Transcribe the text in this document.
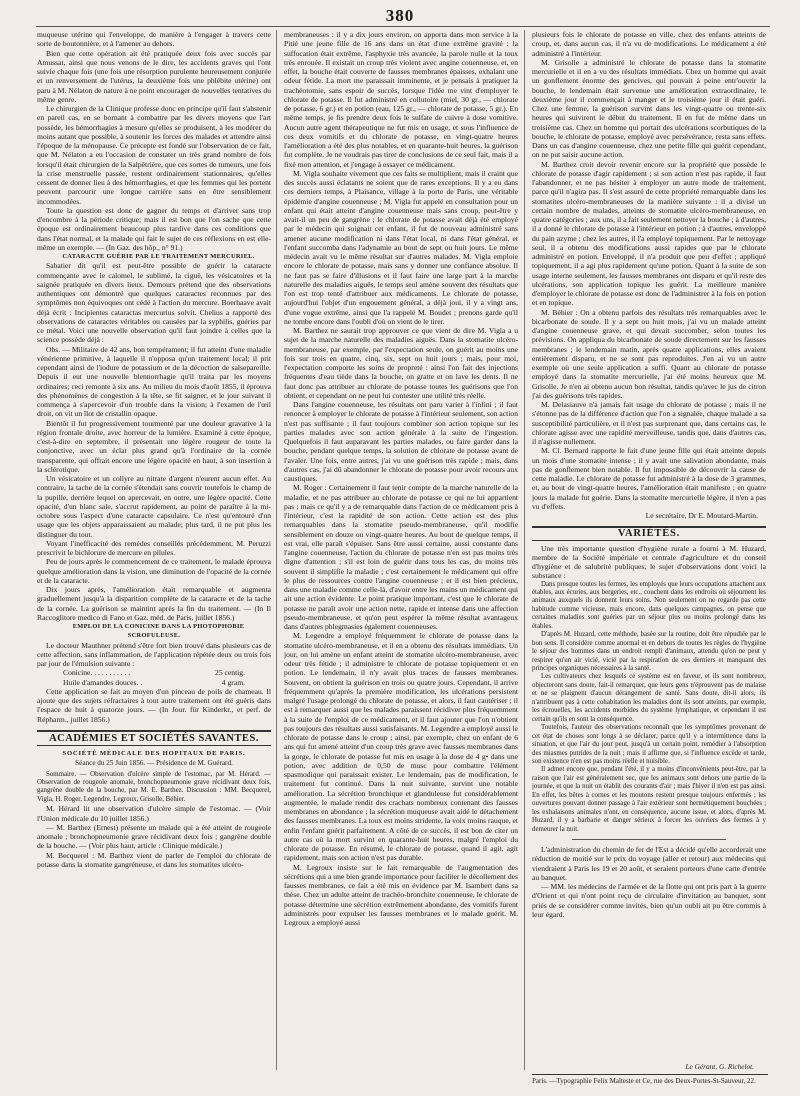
380

muqueuse utérine qui l'enveloppe, de manière à l'engager à travers cette sorte de boutonnière, et à l'amener au dehors.

Bien que cette opération ait été pratiquée deux fois avec succès par Amussat, ainsi que nous venons de le dire, les accidents graves qui l'ont suivie chaque fois (une fois une résorption purulente heureusement conjurée et un renversement de l'utérus, la deuxième fois une phlébite utérine) ont paru à M. Nélaton de nature à ne point encourager de nouvelles tentatives du même genre.

Le chirurgien de la Clinique professe donc en principe qu'il faut s'abstenir en pareil cas, en se bornant à combattre par les divers moyens que l'art possède, les hémorrhagies à mesure qu'elles se produisent, à les modérer du moins autant que possible, à soutenir les forces des malades et attendre ainsi l'époque de la ménopause. Ce précepte est fondé sur l'observation de ce fait, que M. Nélaton a eu l'occasion de constater un très grand nombre de fois lorsqu'il était chirurgien de la Salpêtrière, que ces sortes de tumeurs, une fois la crise menstruelle passée, restent ordinairement stationnaires, qu'elles cessent de donner lieu à des hémorrhagies, et que les femmes qui les portent peuvent parcourir une longue carrière sans en être sensiblement incommodées.

Toute la question est donc de gagner du temps et d'arriver sans trop d'encombre à la période critique; mais il est bon que l'on sache que cette époque est ordinairement beaucoup plus tardive dans ces conditions que dans l'état normal, et la malade qui fait le sujet de ces réflexions en est elle-même un exemple. — (In Gaz. des hôp., n° 91.)

CATARACTE GUÉRIE PAR LE TRAITEMENT MERCURIEL.

Sabatier dit qu'il est peut-être possible de guérir la cataracte commençante avec le calomel, le sublimé, la ciguë, les vésicatoires et la saignée pratiquée en divers lieux. Demours prétend que des observations authentiques ont démontré que quelques cataractes reconnues par des symptômes non équivoques ont cédé à l'action du mercure. Boerhaave avait déjà écrit : Incipientes cataractas mercurius solvit. Chelius a rapporté des observations de cataractes véritables ou causées par la syphilis, guéries par ce métal. Voici une nouvelle observation qu'il faut joindre à celles que la science possède déjà :

Obs. — Militaire de 42 ans, bon tempérament; il fut atteint d'une maladie vénérienne primitive, à laquelle il n'opposa qu'un traitement local; il prit cependant ainsi de l'iodure de potassium et de la décoction de salsepareille. Depuis il eut une nouvelle blennorrhagie qu'il traita par les moyens ordinaires; ceci remonte à six ans. Au milieu du mois d'août 1855, il éprouva des phénomènes de congestion à la tête, se fit saigner, et le jour suivant il commença à s'apercevoir d'un trouble dans la vision; à l'examen de l'œil droit, on vit un îlot de cristallin opaque.

Bientôt il fut progressivement tourmenté par une douleur gravative à la région frontale droite, avec horreur de la lumière. Examiné à cette époque, c'est-à-dire en septembre, il présentait une légère rougeur de toute la conjonctive, avec un éclat plus grand qu'à l'ordinaire de la cornée transparente, qui offrait encore une légère opacité en haut, à son insertion à la sclérotique.

Un vésicatoire et un collyre au nitrate d'argent n'eurent aucun effet. Au contraire, la tache de la cornée s'étendait sans couvrir toutefois le champ de la pupille, derrière lequel on apercevait, en outre, une légère opacité. Cette opacité, d'un blanc sale, s'accrut rapidement, au point de paraître à la mi-octobre sous l'aspect d'une cataracte capsulaire. Ce n'est qu'entouré d'un usage que les objets apparaissaient au malade; plus tard, il ne put plus les distinguer du tout.

Voyant l'inefficacité des remèdes conseillés précédemment, M. Peruzzi prescrivit le bichlorure de mercure en pilules.

Peu de jours après le commencement de ce traitement, le malade éprouva quelque amélioration dans la vision, une diminution de l'opacité de la cornée et de la cataracte.

Dix jours après, l'amélioration était remarquable et augmenta graduellement jusqu'à la disparition complète de la cataracte et de la tache de la cornée. La guérison se maintint après la fin du traitement. — (In Il Raccoglitore medico di Fano et Gaz. méd. de Paris, juillet 1856.)

EMPLOI DE LA CONICINE DANS LA PHOTOPHOBIE SCROFULEUSE.

Le docteur Mauthner prétend s'être fort bien trouvé dans plusieurs cas de cette affection, sans inflammation, de l'application répétée deux ou trois fois par jour de l'émulsion suivante :

Conicine. . . . . . . . . . .	25 centig.
Huile d'amandes douces. .	4 gram.

Cette application se fait au moyen d'un pinceau de poils de chameau. Il ajoute que des sujets réfractaires à tout autre traitement ont été guéris dans l'espace de huit à quatorze jours. — (In Jour. für Kinderkr., et perf. de Répharm., juillet 1856.)

ACADÉMIES ET SOCIÉTÉS SAVANTES.
SOCIÉTÉ MÉDICALE DES HOPITAUX DE PARIS.
Séance du 25 Juin 1856. — Présidence de M. Guérard.

Sommaire. — Observation d'ulcère simple de l'estomac, par M. Hérard. — Observation de rougeole anomale, bronchopneumonie grave récidivant deux fois, gangrène double de la bouche, par M. E. Barthez. Discussion : MM. Becquerel, Vigla, H. Roger, Legendre, Legroux, Grisolle, Béhier.

M. Hérard lit une observation d'ulcère simple de l'estomac. — (Voir l'Union médicale du 10 juillet 1856.)

— M. Barthez (Ernest) présente un malade qui a été atteint de rougeole anomale ; bronchopneumonie grave récidivant deux fois ; gangrène double de la bouche. — (Voir plus haut, article : Clinique médicale.)

M. Becquerel : M. Barthez vient de parler de l'emploi du chlorate de potasse dans la stomatite gangréneuse, et dans les stomatites ulcéro-

membraneuses : il y a dix jours environ, on apporta dans mon service à la Pitié une jeune fille de 16 ans dans un état d'une extrême gravité : la suffocation était extrême, l'asphyxie très avancée, la parole nulle et la toux très enrouée. Il existait un croup très violent avec angine couenneuse, et, en effet, la bouche était couverte de fausses membranes épaisses, exhalant une odeur fétide. La mort me paraissait imminente, et je pensais à pratiquer la trachéotomie, sans espoir de succès, lorsque l'idée me vint d'employer le chlorate de potasse. Il fut administré en collutoire (miel, 30 gr., — chlorate de potasse, 6 gr.) et en potion (eau, 125 gr., — chlorate de potasse, 5 gr.). En même temps, je fis prendre deux fois le sulfate de cuivre à dose vomitive. Aucun autre agent thérapeutique ne fut mis en usage, et sous l'influence de ces deux vomitifs et du chlorate de potasse, en vingt-quatre heures l'amélioration a été des plus notables, et en quarante-huit heures, la guérison fut complète. Je ne voudrais pas tirer de conclusions de ce seul fait, mais il a fixé mon attention, et j'engage à essayer ce médicament.

M. Vigla souhaite vivement que ces faits se multiplient, mais il craint que des succès aussi éclatants ne soient que de rares exceptions. Il y a eu dans ces derniers temps, à Plaisance, village à la porte de Paris, une véritable épidémie d'angine couenneuse ; M. Vigla fut appelé en consultation pour un enfant qui était atteint d'angine couenneuse mais sans croup, peut-être y avait-il un peu de gangrène ; le chlorate de potasse avait déjà été employé par le médecin qui soignait cet enfant, il fut de nouveau administré sans amener aucune modification ni dans l'état local, ni dans l'état général, et l'enfant succomba dans l'adynamie au bout de sept ou huit jours. Le même médecin avait vu le même résultat sur d'autres malades. M. Vigla emploie encore le chlorate de potasse, mais sans y donner une confiance absolue. Il ne faut pas se faire d'illusions et il faut faire une large part à la marche naturelle des maladies aiguës, le temps seul amène souvent des résultats que l'on est trop tenté d'attribuer aux médicaments. Le chlorate de potasse, aujourd'hui l'objet d'un engouement général, a déjà joui, il y a vingt ans, d'une vogue extrême, ainsi que l'a rappelé M. Boudet ; prenons garde qu'il ne tombe encore dans l'oubli d'où on vient de le tirer.

M. Barthez ne saurait trop approuver ce que vient de dire M. Vigla a u sujet de la marche naturelle des maladies aiguës. Dans la stomatite ulcéro-membraneuse, par exemple, par l'expectation seule, on guérit au moins une fois sur trois en quatre, cinq, six, sept ou huit jours ; mais, pour moi, l'expectation comporte les soins de propreté : ainsi l'on fait des injections fréquentes d'eau tiède dans la bouche, on gratte et on lave les dents. Il ne faut donc pas attribuer au chlorate de potasse toutes les guérisons que l'on obtient, et cependant on ne peut lui contester une utilité très réelle.

Dans l'angine couenneuse, les résultats ont paru varier à l'infini ; il faut renoncer à employer le chlorate de potasse à l'intérieur seulement, son action n'est pas suffisante ; il faut toujours combiner son action topique sur les parties malades avec son action générale à la suite de l'ingestion. Quelquefois il faut auparavant les parties malades, ou faire garder dans la bouche, pendant quelque temps, la solution de chlorate de potasse avant de l'avaler. Une fois, entre autres, j'ai vu une guérison très rapide ; mais, dans d'autres cas, j'ai dû abandonner le chlorate de potasse pour avoir recours aux caustiques.

M. Roger : Certainement il faut tenir compte de la marche naturelle de la maladie, et ne pas attribuer au chlorate de potasse ce qui ne lui appartient pas ; mais ce qu'il y a de remarquable dans l'action de ce médicament pris à l'intérieur, c'est la rapidité de son action. Cette action est des plus remarquables dans la stomatite pseudo-membraneuse, qu'il modifie sensiblement en douze ou vingt-quatre heures. Au bout de quelque temps, il est vrai, elle paraît s'épuiser. Sans être aussi certaine, aussi constante dans l'angine couenneuse, l'action du chlorate de potasse n'en est pas moins très digne d'attention ; s'il est loin de guérir dans tous les cas, du moins très souvent il simplifie la maladie ; c'est certainement le médicament qui offre le plus de ressources contre l'angine couenneuse ; et il est bien précieux, dans une maladie comme celle-là, d'avoir entre les mains un médicament qui ait une action évidente. Le point pratique important, c'est que le chlorate de potasse ne paraît avoir une action nette, rapide et intense dans une affection pseudo-membraneuse, et qu'on peut espérer la même résultat avantageux dans d'autres phlegmasies également couenneuses.

M. Legendre a employé fréquemment le chlorate de potasse dans la stomatite ulcéro-membraneuse, et il en a obtenu des résultats immédiats. Un jour, on lui amène un enfant atteint de stomatite ulcéro-membraneuse, avec odeur très fétide ; il administre le chlorate de potasse topiquement et en potion. Le lendemain, il n'y avait plus traces de fausses membranes. Souvent, on obtient la guérison en trois ou quatre jours. Cependant, il arrive fréquemment qu'après la première modification, les ulcérations persistent malgré l'usage prolongé du chlorate de potasse, et alors, il faut cautériser ; il est à remarquer aussi que les malades paraissent récidiver plus fréquemment à la suite de l'emploi de ce médicament, et il faut ajouter que l'on n'obtient pas toujours des résultats aussi satisfaisants. M. Legendre a employé aussi le chlorate de potasse dans le croup ; ainsi, par exemple, chez un enfant de 6 ans qui fut amené atteint d'un croup très grave avec fausses membranes dans la gorge, le chlorate de potasse fut mis en usage à la dose de 4 g• dans une potion, avec addition de 0,50 de musc pour combattre l'élément spasmodique qui paraissait exister. Le lendemain, pas de modification, le traitement fut continué. Dans la nuit suivante, survint une notable amélioration. La sécrétion bronchique et glanduleuse fut considérablement augmentée, le malade rendit des crachats nombreux contenant des fausses membranes en abondance ; la sécrétion muqueuse avait aidé le détachement des fausses membranes. La toux est moins stridente, la voix moins rauque, et enfin l'enfant guérit parfaitement. A côté de ce succès, il est bon de citer un autre cas où la mort survint en quarante-huit heures, malgré l'emploi du chlorate de potasse. En résumé, le chlorate de potasse, quand il agit, agit rapidement, mais son action n'est pas durable.

M. Legroux insiste sur le fait remarquable de l'augmentation des sécrétions qui a une bien grande importance pour faciliter le décollement des fausses membranes, ce fait a été mis en évidence par M. Isambert dans sa thèse. Chez un adulte atteint de trachéo-bronchite couenneuse, le chlorate de potasse détermine une sécrétion extrêmement abondante, des vomitifs furent administrés pour expulser les fausses membranes et le malade guérit. M. Legroux a employé aussi

plusieurs fois le chlorate de potasse en ville, chez des enfants atteints de croup, et, dans aucun cas, il n'a vu de modifications. Le médicament a été administré à l'intérieur.

M. Grisolle a administré le chlorate de potasse dans la stomatite mercurielle et il en a vu des résultats immédiats. Chez un homme qui avait un gonflement énorme des gencives, qui pouvait à peine entr'ouvrir la bouche, le lendemain était survenue une amélioration extraordinaire, le deuxième jour il commençait à manger et le troisième jour il était guéri. Chez une femme, la guérison survint dans les vingt-quatre ou trente-six heures qui suivirent le début du traitement. Il en fut de même dans un troisième cas. Chez un homme qui portait des ulcérations scorbutiques de la bouche, le chlorate de potasse, employé avec persévérance, resta sans effets. Dans un cas d'angine couenneuse, chez une petite fille qui guérit cependant, on ne put saisir aucune action.

M. Barthez croit devoir revenir encore sur la propriété que possède le chlorate de potasse d'agir rapidement ; si son action n'est pas rapide, il faut l'abandonner, et ne pas hésiter à employer un autre mode de traitement, parce qu'il n'agira pas. Il s'est assuré de cette propriété remarquable dans les stomatites ulcéro-membraneuses de la manière suivante : il a divisé un certain nombre de malades, atteints de stomatite ulcéro-membraneuse, en quatre catégories ; aux uns, il a fait seulement nettoyer la bouche ; à d'autres, il a donné le chlorate de potasse à l'intérieur en potion ; à d'autres, enveloppé du pain azyme ; chez les autres, il l'a employé topiquement. Par le nettoyage seul, il a obtenu des modifications aussi rapides que par le chlorate administré en potion. Enveloppé, il n'a produit que peu d'effet ; appliqué topiquement, il a agi plus rapidement qu'une potion. Quant à la suite de son usage interne seulement, les fausses membranes ont disparu et qu'il reste des ulcérations, son application topique les guérit. La meilleure manière d'employer le chlorate de potasse est donc de l'administrer à la fois en potion et en topique.

M. Béhier : On a obtenu parfois des résultats très remarquables avec le bicarbonate de soude. Il y a sept ou huit mois, j'ai vu un malade atteint d'angine couenneuse grave, et qui devait succomber, selon toutes les prévisions. On appliqua du bicarbonate de soude directement sur les fausses membranes ; le lendemain matin, après quatre applications, elles avaient entièrement disparu, et ne se sont pas reproduites. J'en ai vu un autre exemple où une seule application a suffi. Quant au chlorate de potasse employé dans la stomatite mercurielle, j'ai été moins heureux que M. Grisolle. Je n'en ai obtenu aucun bon résultat, tandis qu'avec le jus de citron j'ai des guérisons très rapides.

M. Delasiauve n'a jamais fait usage du chlorate de potasse ; mais il ne s'étonne pas de la différence d'action que l'on a signalée, chaque malade a sa susceptibilité particulière, et il n'est pas surprenant que, dans certains cas, le chlorate agisse avec une rapidité merveilleuse, tandis que, dans d'autres cas, il n'agisse nullement.

M. Cl. Bernard rapporte le fait d'une jeune fille qui était atteinte depuis un mois d'une stomatite intense ; il y avait une salivation abondante, mais pas de gonflement bien notable. Il fut impossible de découvrir la cause de cette maladie. Le chlorate de potasse fut administré à la dose de 3 grammes, et, au bout de vingt-quatre heures, l'amélioration était manifeste ; en quatre jours la malade fut guérie. Dans la stomatite mercurielle légère, il n'en a pas vu d'effets.

Le secrétaire, Dr E. Moutard-Martin.

VARIÉTÉS.

Une très importante question d'hygiène rurale a fourni à M. Huzard, membre de la Société impériale et centrale d'agriculture et du conseil d'hygiène et de salubrité publiques, le sujet d'observations dont voici la substance :

Dans presque toutes les fermes, les employés que leurs occupations attachent aux étables, aux écuries, aux bergeries, etc., couchent dans les endroits où séjournent les animaux auxquels ils donnent leurs soins. Non seulement on ne regarde pas cette habitude comme vicieuse, mais encore, dans quelques campagnes, on pense que certaines maladies sont guéries par un séjour plus ou moins prolongé dans les étables.

D'après M. Huzard, cette méthode, basée sur la routine, doit être répudiée par le bon sens. Il considère comme anormal et en dehors de toutes les règles de l'hygiène le séjour des hommes dans un endroit rempli d'animaux, attendu qu'on ne peut y respirer qu'un air vicié, vicié par la respiration de ces derniers et manquant des principes organiques nécessaires à la santé.

Les cultivateurs chez lesquels ce système est en faveur, et ils sont nombreux, objecteront sans doute, fait-il remarquer, que leurs gens n'éprouvent pas de malaise et ne se plaignent d'aucun dérangement de santé. Sans doute, dit-il alors, ils n'attribuent pas à cette cohabitation les maladies dont ils sont atteints, par exemple, les écrouelles, les accidents morbides du système lymphatique, et cependant il est certain qu'ils en sont la conséquence.

Toutefois, l'auteur des observations reconnaît que les symptômes provenant de cet état de choses sont longs à se déclarer, parce qu'il y a intermittence dans la situation, et que l'air du jour peut, jusqu'à un certain point, remédier à l'absorption des miasmes putrides de la nuit ; mais il affirme que, si l'influence excède et tarde, son existence n'en est pas moins réelle et nuisible.

Il admet encore que, pendant l'été, il y a moins d'inconvénients peut-être, par la raison que l'air est généralement sec, que les animaux sont dehors une partie de la journée, et que la nuit on établit des courants d'air ; mais l'hiver il n'en est pas ainsi. En effet, les bêtes à cornes et les moutons restent presque toujours enfermés ; les ouvertures pouvant donner passage à l'air extérieur sont hermétiquement bouchées ; les exhalaisons animales n'ont, en conséquence, aucune issue, et alors, d'après M. Huzard, il y a barbarie et danger sérieux à forcer les ouvriers des fermes à y demeurer la nuit.

L'administration du chemin de fer de l'Est a décidé qu'elle accorderait une réduction de moitié sur le prix du voyage (aller et retour) aux médecins qui viendraient à Paris les 19 et 20 août, et seraient porteurs d'une carte d'entrée au banquet.

— MM. les médecins de l'armée et de la flotte qui ont pris part à la guerre d'Orient et qui n'ont point reçu de circulaire d'invitation au banquet, sont priés de se considérer comme invités, bien qu'un oubli ait pu être commis à leur égard.

Le Gérant, G. Richelot.
Paris. —Typographie Felix Malteste et Ce, rue des Deux-Portes-St-Sauveur, 22.
